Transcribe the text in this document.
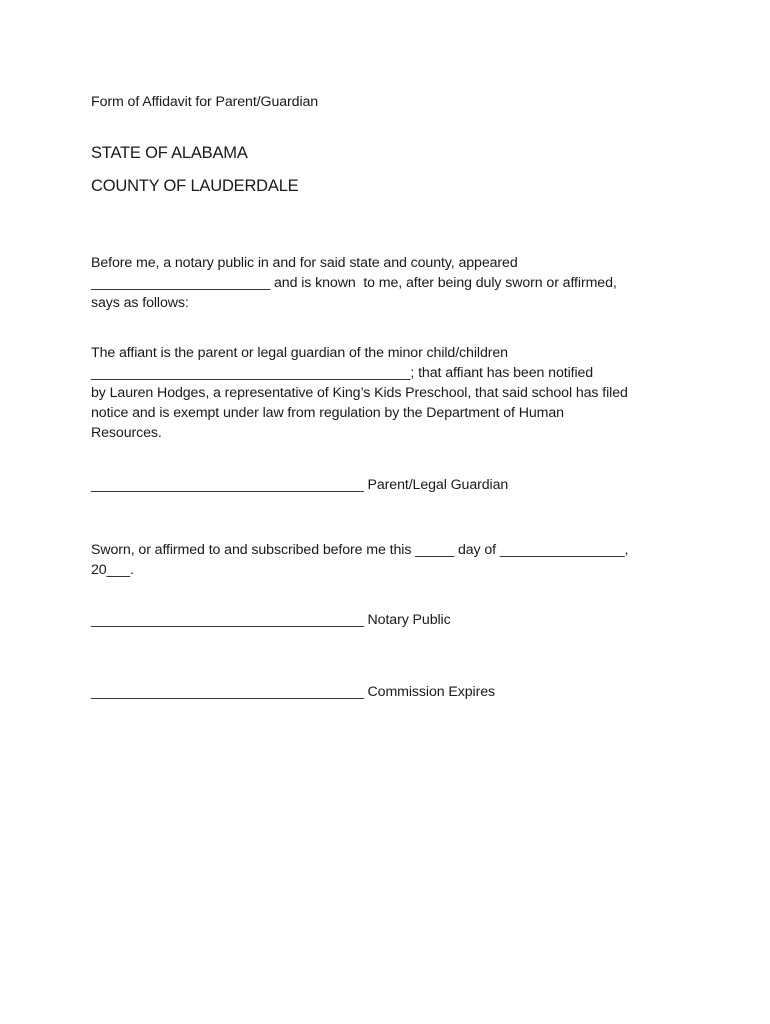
Form of Affidavit for Parent/Guardian
STATE OF ALABAMA
COUNTY OF LAUDERDALE
Before me, a notary public in and for said state and county, appeared
_______________________ and is known  to me, after being duly sworn or affirmed,
says as follows:
The affiant is the parent or legal guardian of the minor child/children
_________________________________________; that affiant has been notified
by Lauren Hodges, a representative of King’s Kids Preschool, that said school has filed
notice and is exempt under law from regulation by the Department of Human
Resources.
___________________________________ Parent/Legal Guardian
Sworn, or affirmed to and subscribed before me this _____ day of ________________,
20___.
___________________________________ Notary Public
___________________________________ Commission Expires
